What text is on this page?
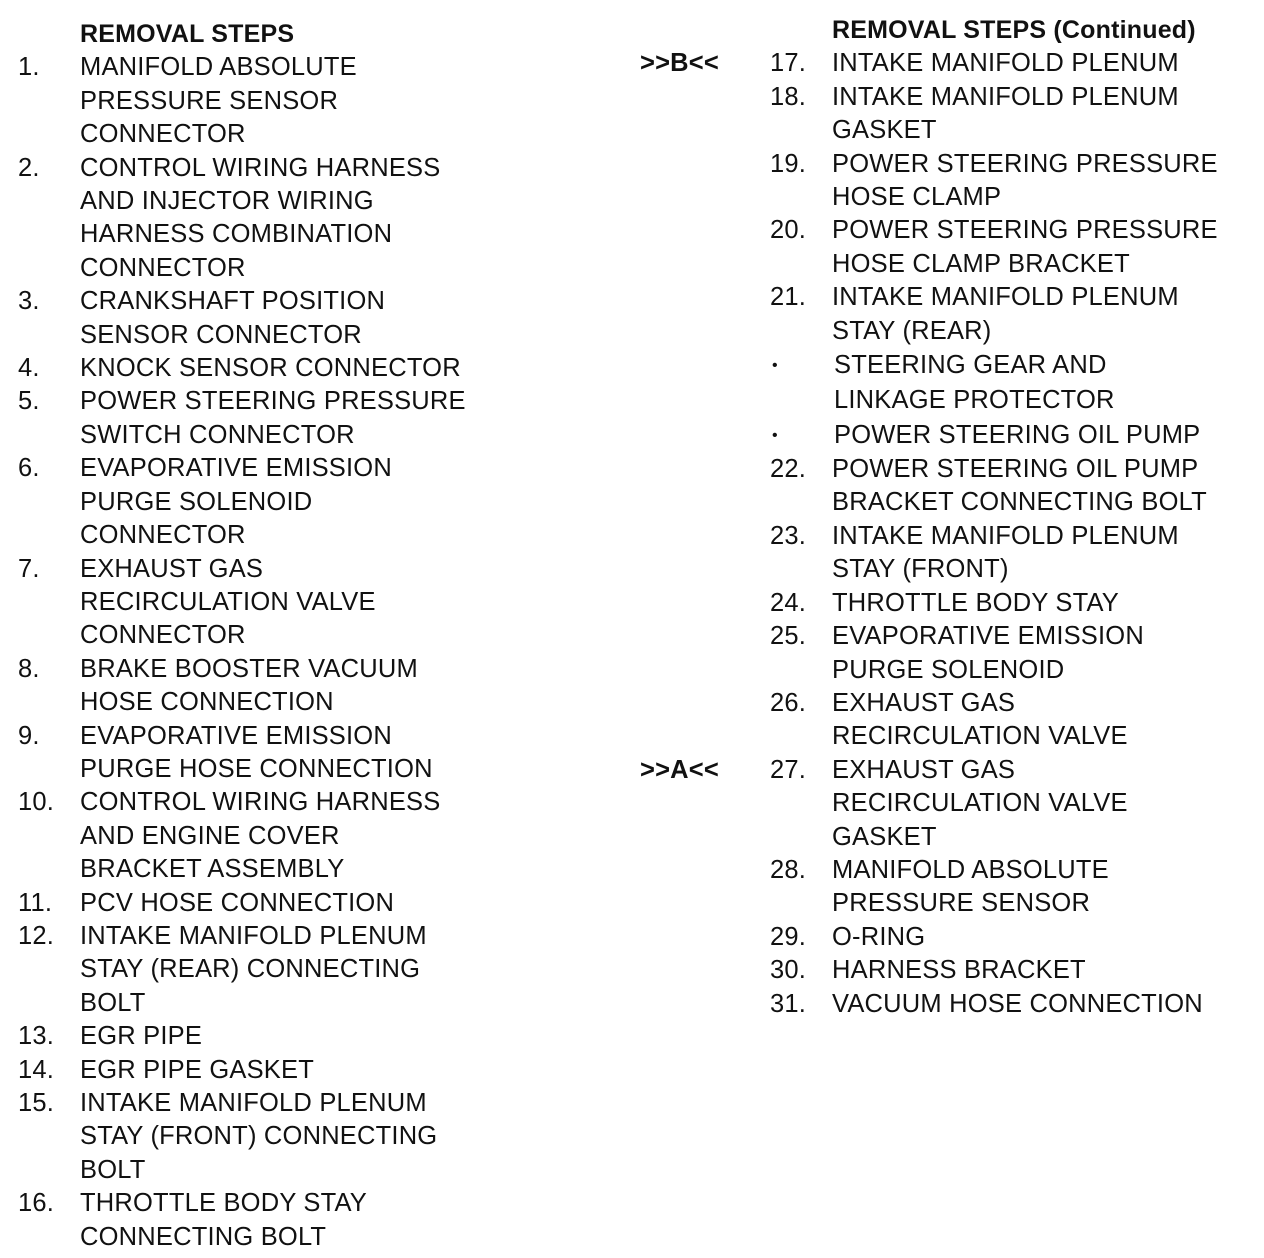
REMOVAL STEPS
1.	MANIFOLD ABSOLUTE
PRESSURE SENSOR
CONNECTOR
2.	CONTROL WIRING HARNESS
AND INJECTOR WIRING
HARNESS COMBINATION
CONNECTOR
3.	CRANKSHAFT POSITION
SENSOR CONNECTOR
4.	KNOCK SENSOR CONNECTOR
5.	POWER STEERING PRESSURE
SWITCH CONNECTOR
6.	EVAPORATIVE EMISSION
PURGE SOLENOID
CONNECTOR
7.	EXHAUST GAS
RECIRCULATION VALVE
CONNECTOR
8.	BRAKE BOOSTER VACUUM
HOSE CONNECTION
9.	EVAPORATIVE EMISSION
PURGE HOSE CONNECTION
10.	CONTROL WIRING HARNESS
AND ENGINE COVER
BRACKET ASSEMBLY
11.	PCV HOSE CONNECTION
12.	INTAKE MANIFOLD PLENUM
STAY (REAR) CONNECTING
BOLT
13.	EGR PIPE
14.	EGR PIPE GASKET
15.	INTAKE MANIFOLD PLENUM
STAY (FRONT) CONNECTING
BOLT
16.	THROTTLE BODY STAY
CONNECTING BOLT
REMOVAL STEPS (Continued)
>>B<<	17.	INTAKE MANIFOLD PLENUM
18.	INTAKE MANIFOLD PLENUM
GASKET
19.	POWER STEERING PRESSURE
HOSE CLAMP
20.	POWER STEERING PRESSURE
HOSE CLAMP BRACKET
21.	INTAKE MANIFOLD PLENUM
STAY (REAR)
•	STEERING GEAR AND
LINKAGE PROTECTOR
•	POWER STEERING OIL PUMP
22.	POWER STEERING OIL PUMP
BRACKET CONNECTING BOLT
23.	INTAKE MANIFOLD PLENUM
STAY (FRONT)
24.	THROTTLE BODY STAY
25.	EVAPORATIVE EMISSION
PURGE SOLENOID
26.	EXHAUST GAS
RECIRCULATION VALVE
>>A<<	27.	EXHAUST GAS
RECIRCULATION VALVE
GASKET
28.	MANIFOLD ABSOLUTE
PRESSURE SENSOR
29.	O-RING
30.	HARNESS BRACKET
31.	VACUUM HOSE CONNECTION
